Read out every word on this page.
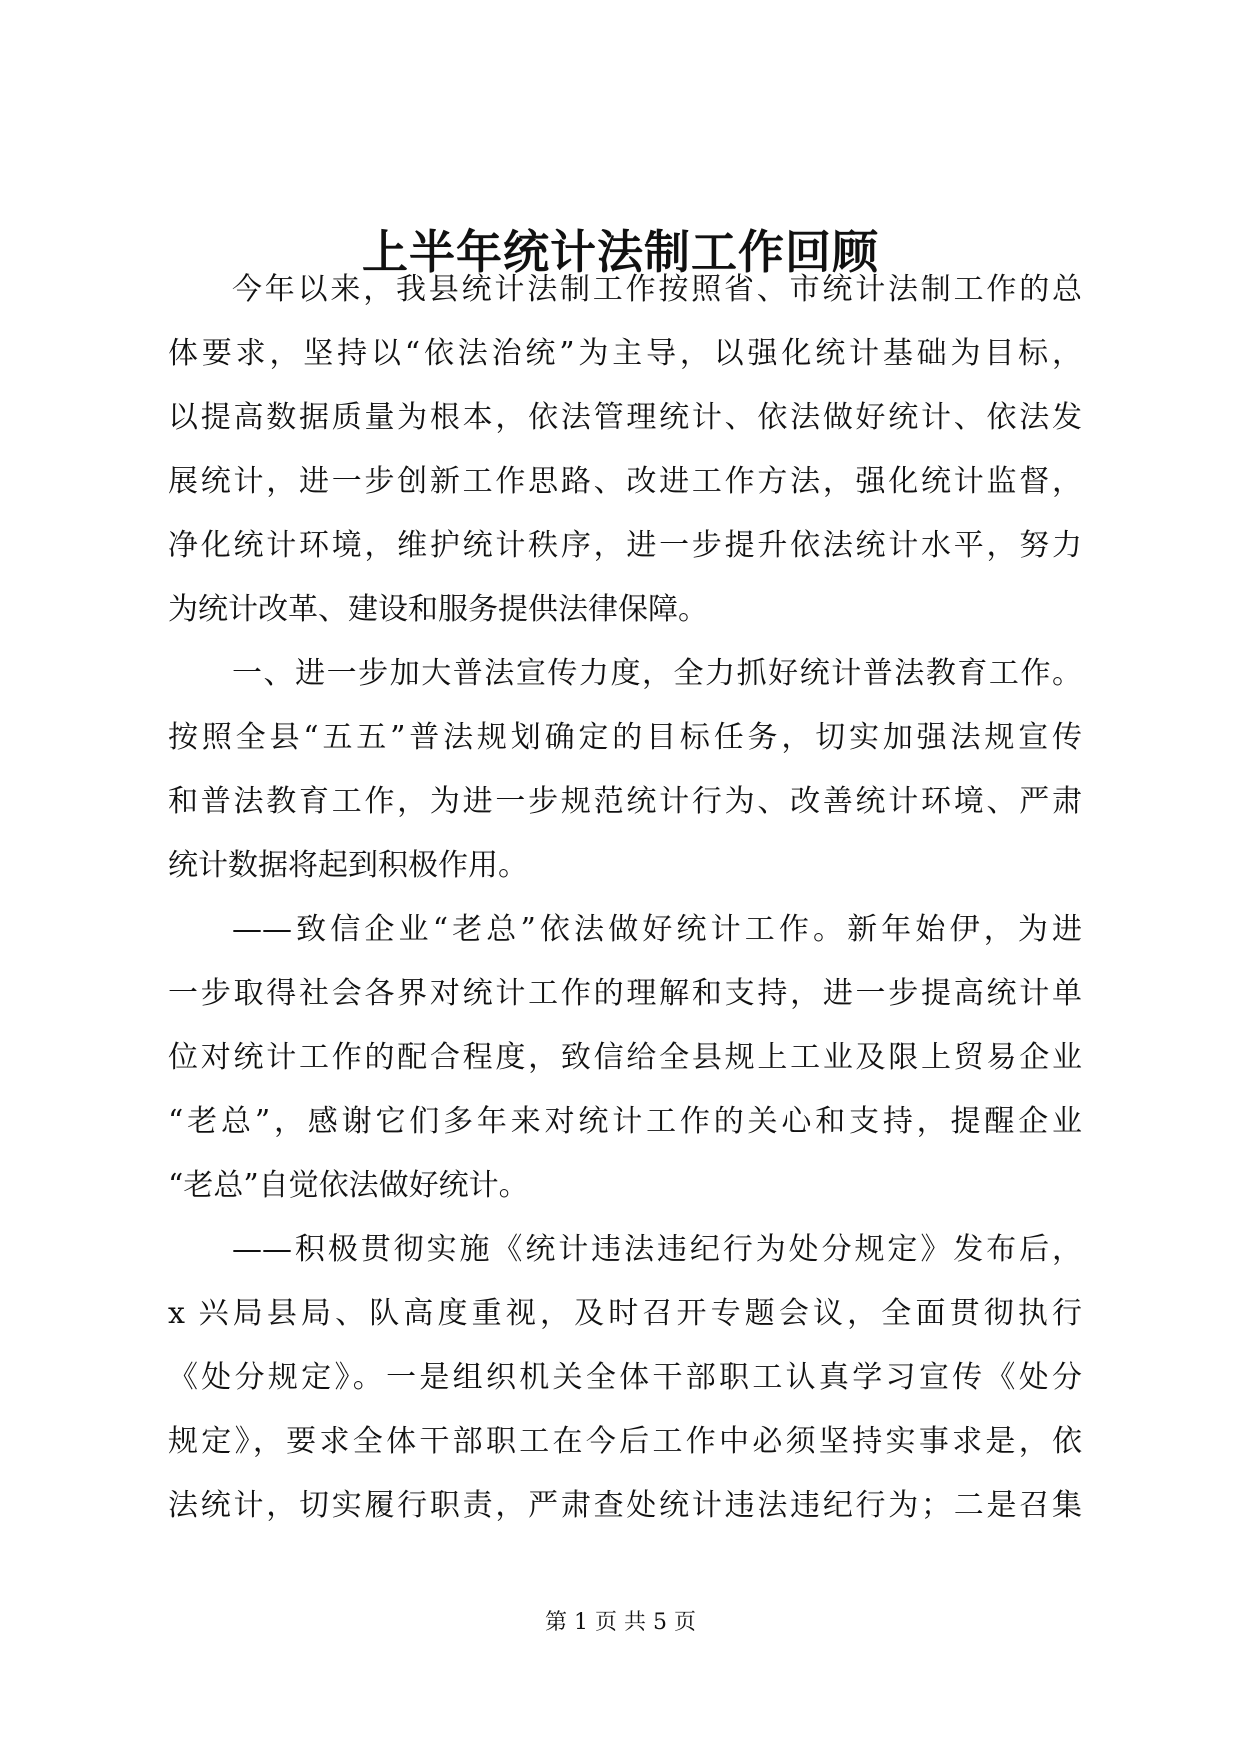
上半年统计法制工作回顾

今年以来，我县统计法制工作按照省、市统计法制工作的总

体要求，坚持以“依法治统”为主导，以强化统计基础为目标，

以提高数据质量为根本，依法管理统计、依法做好统计、依法发

展统计，进一步创新工作思路、改进工作方法，强化统计监督，

净化统计环境，维护统计秩序，进一步提升依法统计水平，努力

为统计改革、建设和服务提供法律保障。

一、进一步加大普法宣传力度，全力抓好统计普法教育工作。

按照全县“五五”普法规划确定的目标任务，切实加强法规宣传

和普法教育工作，为进一步规范统计行为、改善统计环境、严肃

统计数据将起到积极作用。

——致信企业“老总”依法做好统计工作。新年始伊，为进

一步取得社会各界对统计工作的理解和支持，进一步提高统计单

位对统计工作的配合程度，致信给全县规上工业及限上贸易企业

“老总”，感谢它们多年来对统计工作的关心和支持，提醒企业

“老总”自觉依法做好统计。

——积极贯彻实施《统计违法违纪行为处分规定》发布后，

x 兴局县局、队高度重视，及时召开专题会议，全面贯彻执行

《处分规定》。一是组织机关全体干部职工认真学习宣传《处分

规定》，要求全体干部职工在今后工作中必须坚持实事求是，依

法统计，切实履行职责，严肃查处统计违法违纪行为；二是召集

第 1 页 共 5 页
